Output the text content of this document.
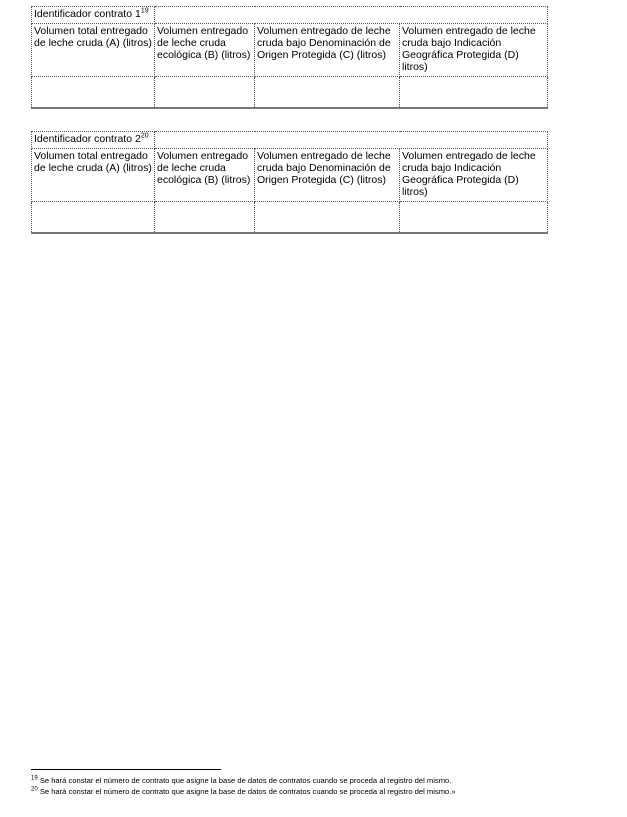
Identificador contrato $1^{19}$	
Volumen total entregado de leche cruda (A) (litros)	Volumen entregado de leche cruda ecológica (B) (litros)	Volumen entregado de leche cruda bajo Denominación de Origen Protegida (C) (litros)	Volumen entregado de leche cruda bajo Indicación Geográfica Protegida (D) litros)

Identificador contrato $2^{20}$	
Volumen total entregado de leche cruda (A) (litros)	Volumen entregado de leche cruda ecológica (B) (litros)	Volumen entregado de leche cruda bajo Denominación de Origen Protegida (C) (litros)	Volumen entregado de leche cruda bajo Indicación Geográfica Protegida (D) litros)

$^{19}$ Se hará constar el número de contrato que asigne la base de datos de contratos cuando se proceda al registro del mismo.
$^{20}$ Se hará constar el número de contrato que asigne la base de datos de contratos cuando se proceda al registro del mismo.»
